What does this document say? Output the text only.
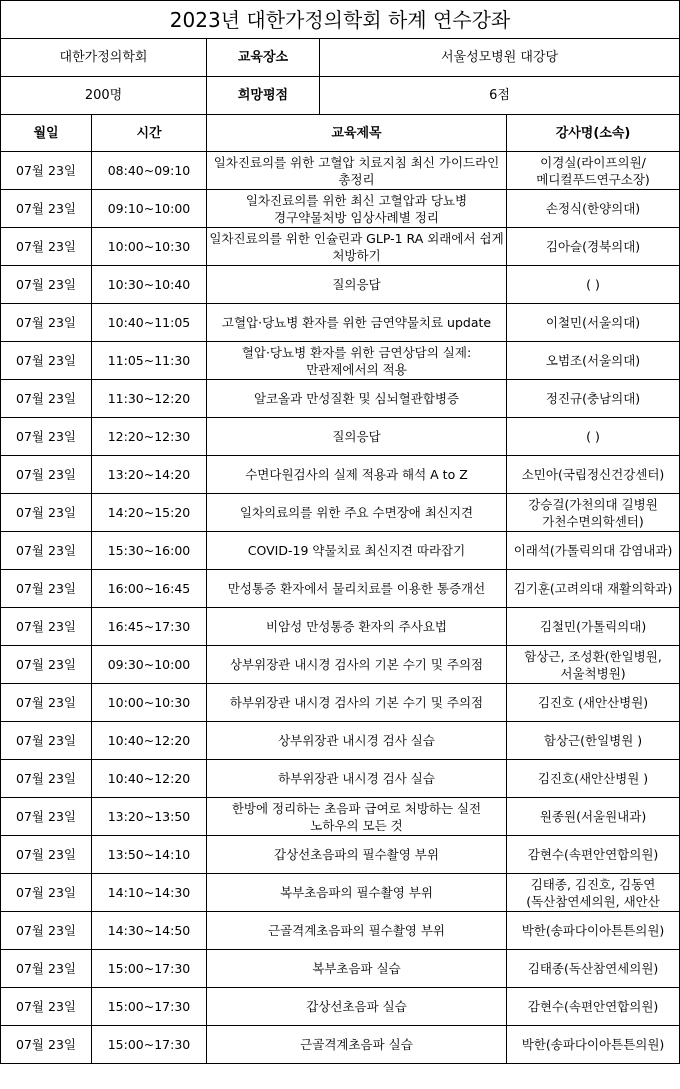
2023년 대한가정의학회 하계 연수강좌				
대한가정의학회		교육장소	서울성모병원 대강당	
200명		희망평점	6점	
월일	시간	교육제목		강사명(소속)

07월 23일	08:40~09:10	일차진료의를 위한 고혈압 치료지침 최신 가이드라인 총정리		이경실(라이프의원/메디컬푸드연구소장)

07월 23일	09:10~10:00	일차진료의를 위한 최신 고혈압과 당뇨병 경구약물처방 임상사례별 정리		손정식(한양의대)

07월 23일	10:00~10:30	일차진료의를 위한 인슐린과 GLP-1 RA 외래에서 쉽게 처방하기		김아슬(경북의대)

07월 23일	10:30~10:40	질의응답		( )

07월 23일	10:40~11:05	고혈압·당뇨병 환자를 위한 금연약물치료 update		이철민(서울의대)

07월 23일	11:05~11:30	혈압·당뇨병 환자를 위한 금연상담의 실제: 만관제에서의 적용		오범조(서울의대)

07월 23일	11:30~12:20	알코올과 만성질환 및 심뇌혈관합병증		정진규(충남의대)

07월 23일	12:20~12:30	질의응답		( )

07월 23일	13:20~14:20	수면다원검사의 실제 적용과 해석 A to Z		소민아(국립정신건강센터)

07월 23일	14:20~15:20	일차의료의를 위한 주요 수면장애 최신지견		강승걸(가천의대 길병원 가천수면의학센터)

07월 23일	15:30~16:00	COVID-19 약물치료 최신지견 따라잡기		이래석(가톨릭의대 감염내과)

07월 23일	16:00~16:45	만성통증 환자에서 물리치료를 이용한 통증개선		김기훈(고려의대 재활의학과)

07월 23일	16:45~17:30	비암성 만성통증 환자의 주사요법		김철민(가톨릭의대)

07월 23일	09:30~10:00	상부위장관 내시경 검사의 기본 수기 및 주의점		함상근, 조성환(한일병원, 서울척병원)

07월 23일	10:00~10:30	하부위장관 내시경 검사의 기본 수기 및 주의점		김진호 (새안산병원)

07월 23일	10:40~12:20	상부위장관 내시경 검사 실습		함상근(한일병원 )

07월 23일	10:40~12:20	하부위장관 내시경 검사 실습		김진호(새안산병원 )

07월 23일	13:20~13:50	한방에 정리하는 초음파 급여로 처방하는 실전 노하우의 모든 것		원종원(서울원내과)

07월 23일	13:50~14:10	갑상선초음파의 필수촬영 부위		감현수(속편안연합의원)

07월 23일	14:10~14:30	복부초음파의 필수촬영 부위		김태종, 김진호, 김동연(독산참연세의원, 새안산

07월 23일	14:30~14:50	근골격계초음파의 필수촬영 부위		박한(송파다이아튼튼의원)

07월 23일	15:00~17:30	복부초음파 실습		김태종(독산참연세의원)

07월 23일	15:00~17:30	갑상선초음파 실습		감현수(속편안연합의원)

07월 23일	15:00~17:30	근골격계초음파 실습		박한(송파다이아튼튼의원)
